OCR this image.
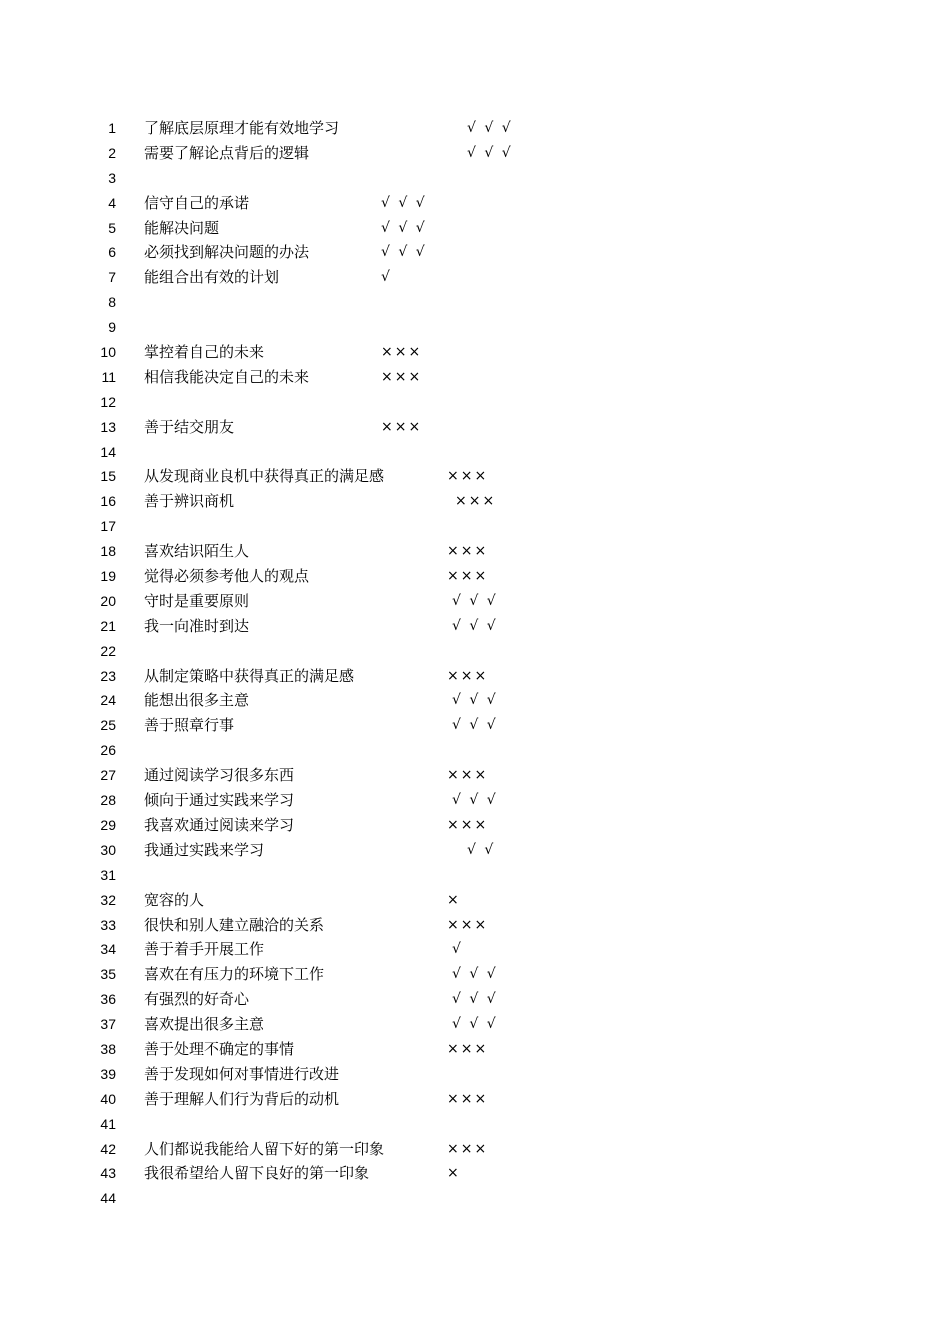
1 了解底层原理才能有效地学习	√ √ √
2 需要了解论点背后的逻辑	√ √ √
3
4 信守自己的承诺	√ √ √
5 能解决问题	√ √ √
6 必须找到解决问题的办法	√ √ √
7 能组合出有效的计划	√
8
9
10 掌控着自己的未来	×××
11 相信我能决定自己的未来	×××
12
13 善于结交朋友	×××
14
15 从发现商业良机中获得真正的满足感	×××
16 善于辨识商机	×××
17
18 喜欢结识陌生人	×××
19 觉得必须参考他人的观点	×××
20 守时是重要原则	√ √ √
21 我一向准时到达	√ √ √
22
23 从制定策略中获得真正的满足感	×××
24 能想出很多主意	√ √ √
25 善于照章行事	√ √ √
26
27 通过阅读学习很多东西	×××
28 倾向于通过实践来学习	√ √ √
29 我喜欢通过阅读来学习	×××
30 我通过实践来学习	√ √
31
32 宽容的人	×
33 很快和别人建立融洽的关系	×××
34 善于着手开展工作	√
35 喜欢在有压力的环境下工作	√ √ √
36 有强烈的好奇心	√ √ √
37 喜欢提出很多主意	√ √ √
38 善于处理不确定的事情	×××
39 善于发现如何对事情进行改进
40 善于理解人们行为背后的动机	×××
41
42 人们都说我能给人留下好的第一印象	×××
43 我很希望给人留下良好的第一印象	×
44
